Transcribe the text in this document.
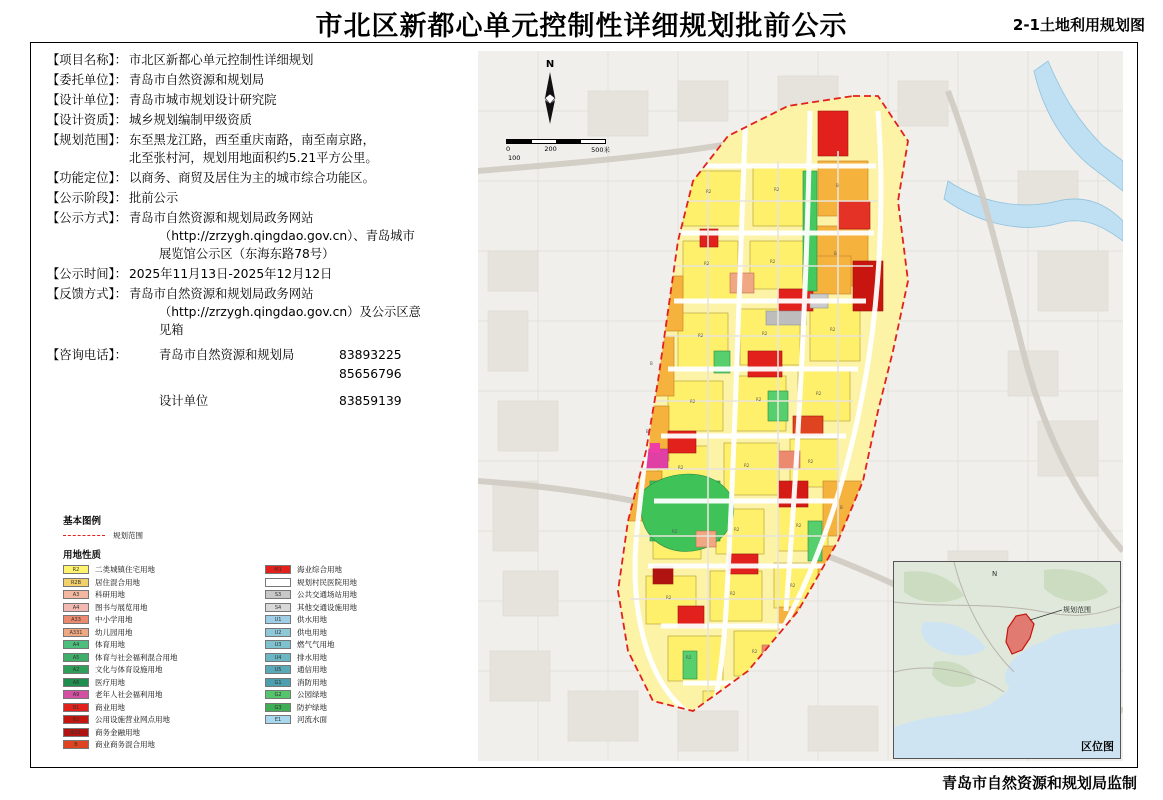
市北区新都心单元控制性详细规划批前公示	2-1土地利用规划图
【项目名称】： 市北区新都心单元控制性详细规划
【委托单位】： 青岛市自然资源和规划局
【设计单位】： 青岛市城市规划设计研究院
【设计资质】： 城乡规划编制甲级资质
【规划范围】： 东至黑龙江路，西至重庆南路，南至南京路，
北至张村河，规划用地面积约5.21平方公里。
【功能定位】： 以商务、商贸及居住为主的城市综合功能区。
【公示阶段】： 批前公示
【公示方式】： 青岛市自然资源和规划局政务网站
（http://zrzygh.qingdao.gov.cn）、青岛城市
展览馆公示区（东海东路78号）
【公示时间】： 2025年11月13日-2025年12月12日
【反馈方式】： 青岛市自然资源和规划局政务网站
（http://zrzygh.qingdao.gov.cn）及公示区意
见箱
【咨询电话】：	青岛市自然资源和规划局	83893225
85656796
设计单位	83859139
基本图例
规划范围
用地性质
R2	二类城镇住宅用地
R2B	居住混合用地
A3	科研用地
A4	图书与展览用地
A33	中小学用地
A331	幼儿园用地
A4	体育用地
A5	体育与社会福利混合用地
A2	文化与体育设施用地
A6	医疗用地
A9	老年人社会福利用地
B1	商业用地
B2	公用设施营业网点用地
B21	商务金融用地
B	商业商务混合用地
M1	海业综合用地
规划村民医院用地
S3	公共交通场站用地
S4	其他交通设施用地
U1	供水用地
U2	供电用地
U3	燃气气用地
U4	排水用地
U5	通信用地
G1	消防用地
G2	公园绿地
G3	防护绿地
E1	河流水面
R2	R2
R2	R2
R2	R2
R2
R2	R2
R2
R2	R2
R2
R2	R2
R2
R2
R2
R2
R2
R2
B
B
B
B
B
N
0	200	500米
100
规划范围
N
区位图
青岛市自然资源和规划局监制
